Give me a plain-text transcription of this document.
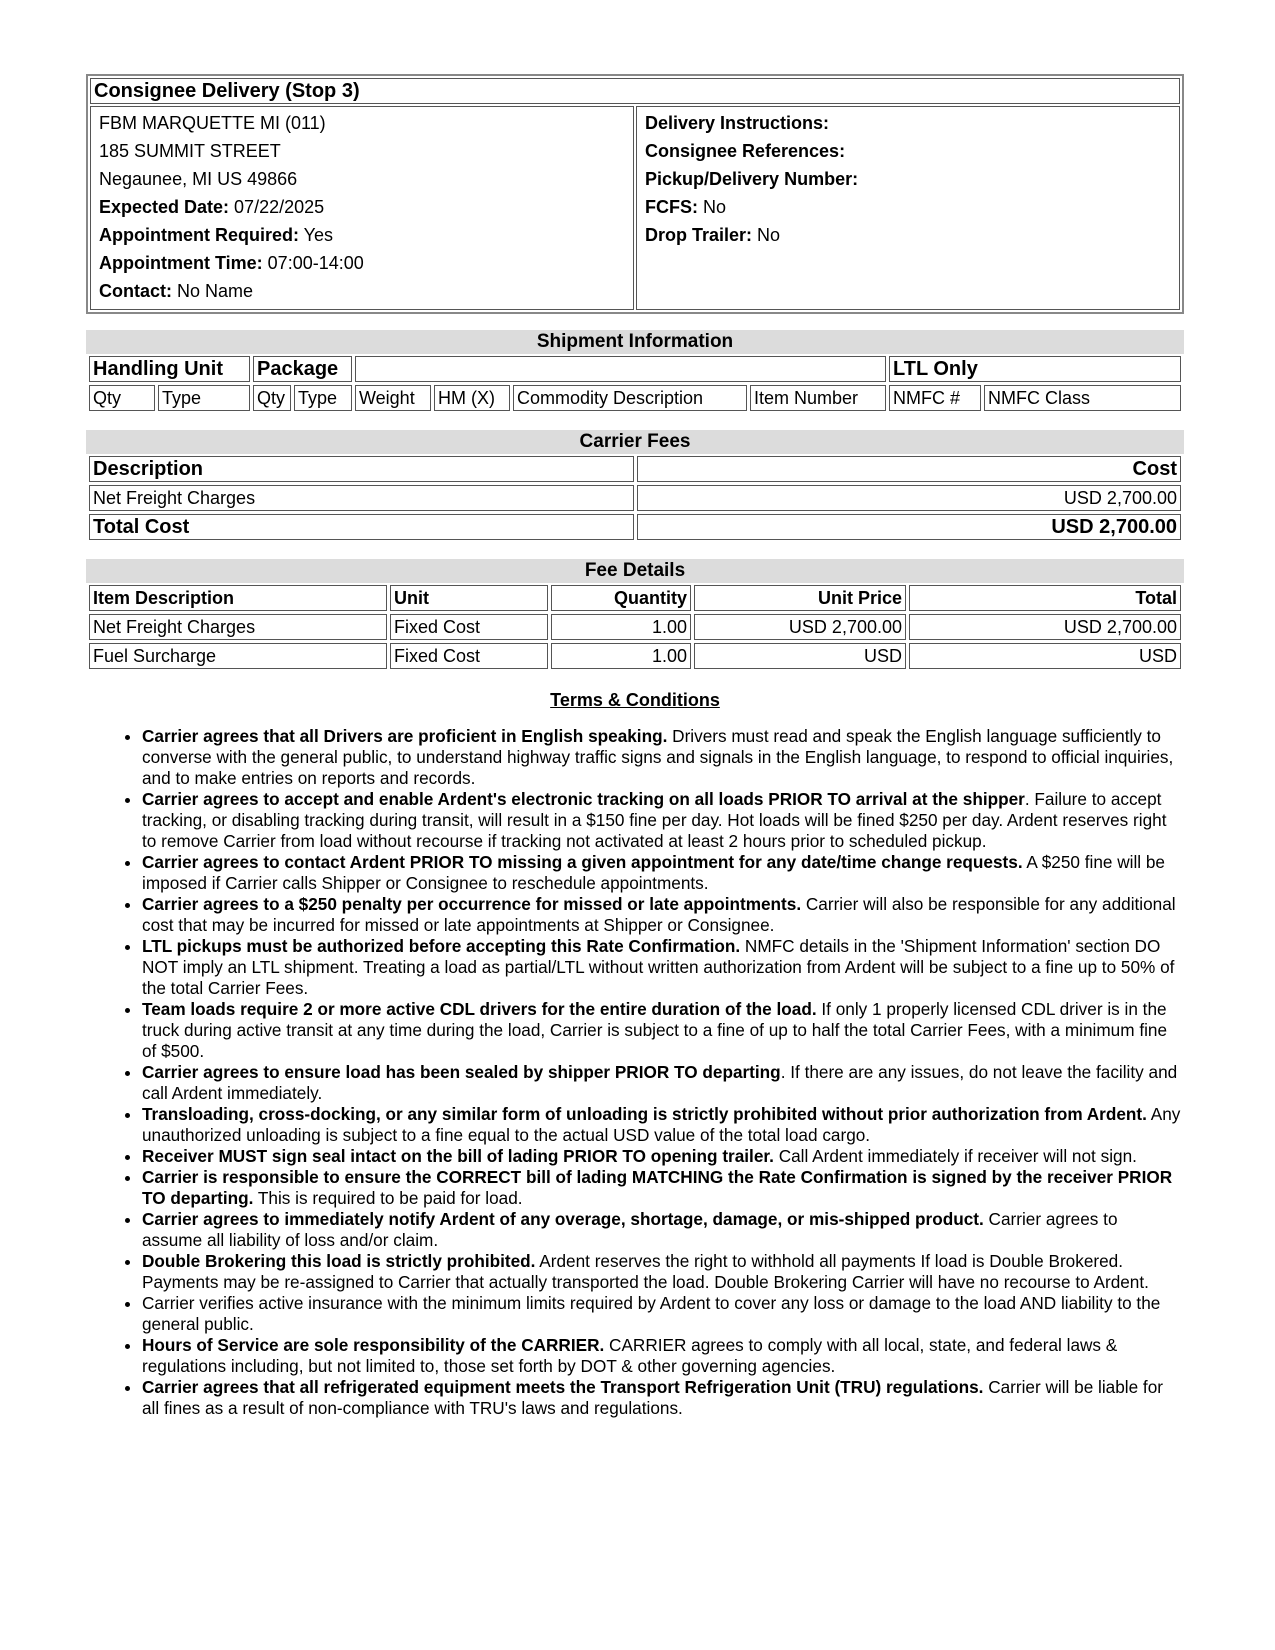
Consignee Delivery (Stop 3)

FBM MARQUETTE MI (011)
185 SUMMIT STREET
Negaunee, MI US 49866
Expected Date: 07/22/2025
Appointment Required: Yes
Appointment Time: 07:00-14:00
Contact: No Name

Delivery Instructions:
Consignee References:
Pickup/Delivery Number:
FCFS: No
Drop Trailer: No
Shipment Information
Handling Unit		Package						LTL Only	
Qty	Type	Qty	Type	Weight	HM (X)	Commodity Description	Item Number	NMFC #	NMFC Class
Carrier Fees
Description	Cost
Net Freight Charges	USD 2,700.00
Total Cost	USD 2,700.00
Fee Details
Item Description	Unit	Quantity	Unit Price	Total
Net Freight Charges	Fixed Cost	1.00	USD 2,700.00	USD 2,700.00
Fuel Surcharge	Fixed Cost	1.00	USD	USD
Terms & Conditions
• Carrier agrees that all Drivers are proficient in English speaking. Drivers must read and speak the English language sufficiently to converse with the general public, to understand highway traffic signs and signals in the English language, to respond to official inquiries, and to make entries on reports and records.
• Carrier agrees to accept and enable Ardent's electronic tracking on all loads PRIOR TO arrival at the shipper. Failure to accept tracking, or disabling tracking during transit, will result in a $150 fine per day. Hot loads will be fined $250 per day. Ardent reserves right to remove Carrier from load without recourse if tracking not activated at least 2 hours prior to scheduled pickup.
• Carrier agrees to contact Ardent PRIOR TO missing a given appointment for any date/time change requests. A $250 fine will be imposed if Carrier calls Shipper or Consignee to reschedule appointments.
• Carrier agrees to a $250 penalty per occurrence for missed or late appointments. Carrier will also be responsible for any additional cost that may be incurred for missed or late appointments at Shipper or Consignee.
• LTL pickups must be authorized before accepting this Rate Confirmation. NMFC details in the 'Shipment Information' section DO NOT imply an LTL shipment. Treating a load as partial/LTL without written authorization from Ardent will be subject to a fine up to 50% of the total Carrier Fees.
• Team loads require 2 or more active CDL drivers for the entire duration of the load. If only 1 properly licensed CDL driver is in the truck during active transit at any time during the load, Carrier is subject to a fine of up to half the total Carrier Fees, with a minimum fine of $500.
• Carrier agrees to ensure load has been sealed by shipper PRIOR TO departing. If there are any issues, do not leave the facility and call Ardent immediately.
• Transloading, cross-docking, or any similar form of unloading is strictly prohibited without prior authorization from Ardent. Any unauthorized unloading is subject to a fine equal to the actual USD value of the total load cargo.
• Receiver MUST sign seal intact on the bill of lading PRIOR TO opening trailer. Call Ardent immediately if receiver will not sign.
• Carrier is responsible to ensure the CORRECT bill of lading MATCHING the Rate Confirmation is signed by the receiver PRIOR TO departing. This is required to be paid for load.
• Carrier agrees to immediately notify Ardent of any overage, shortage, damage, or mis-shipped product. Carrier agrees to assume all liability of loss and/or claim.
• Double Brokering this load is strictly prohibited. Ardent reserves the right to withhold all payments If load is Double Brokered. Payments may be re-assigned to Carrier that actually transported the load. Double Brokering Carrier will have no recourse to Ardent.
• Carrier verifies active insurance with the minimum limits required by Ardent to cover any loss or damage to the load AND liability to the general public.
• Hours of Service are sole responsibility of the CARRIER. CARRIER agrees to comply with all local, state, and federal laws & regulations including, but not limited to, those set forth by DOT & other governing agencies.
• Carrier agrees that all refrigerated equipment meets the Transport Refrigeration Unit (TRU) regulations. Carrier will be liable for all fines as a result of non-compliance with TRU's laws and regulations.
